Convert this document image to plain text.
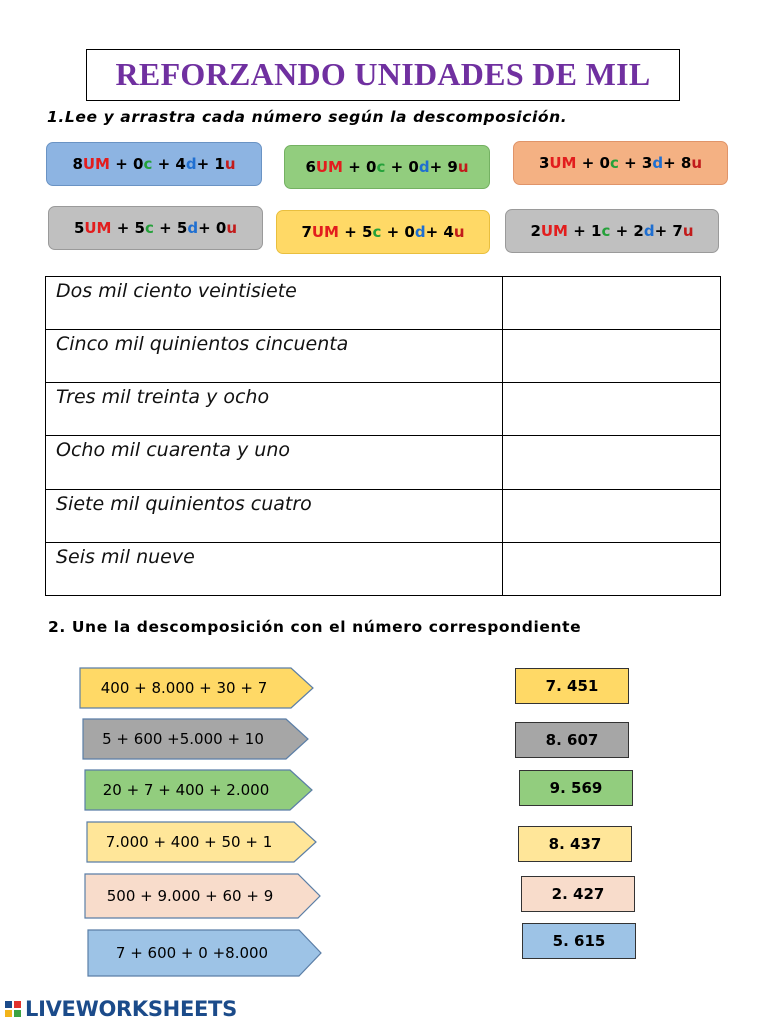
REFORZANDO UNIDADES DE MIL
1.Lee y arrastra cada número según la descomposición.
8 UM
+
0 c
+
4 d +
1 u	6 UM
+
0 c
+
0 d +
9 u	3 UM
+
0 c
+
3 d +
8 u
5 UM
+
5 c
+
5 d +
0 u	7 UM
+
5 c
+
0 d +
4 u	2 UM
+
1 c
+
2 d +
7 u
Dos mil ciento veintisiete	
Cinco mil quinientos cincuenta	
Tres mil treinta y ocho	
Ocho mil cuarenta y uno	
Siete mil quinientos cuatro	
Seis mil nueve	
2. Une la descomposición con el número correspondiente
400 + 8.000 + 30 + 7
5 + 600 +5.000 + 10
20 + 7 + 400 + 2.000
7.000 + 400 + 50 + 1
500 + 9.000 + 60 + 9
7 + 600 + 0 +8.000
7. 451
8. 607
9. 569
8. 437
2. 427
5. 615
LIVEWORKSHEETS
